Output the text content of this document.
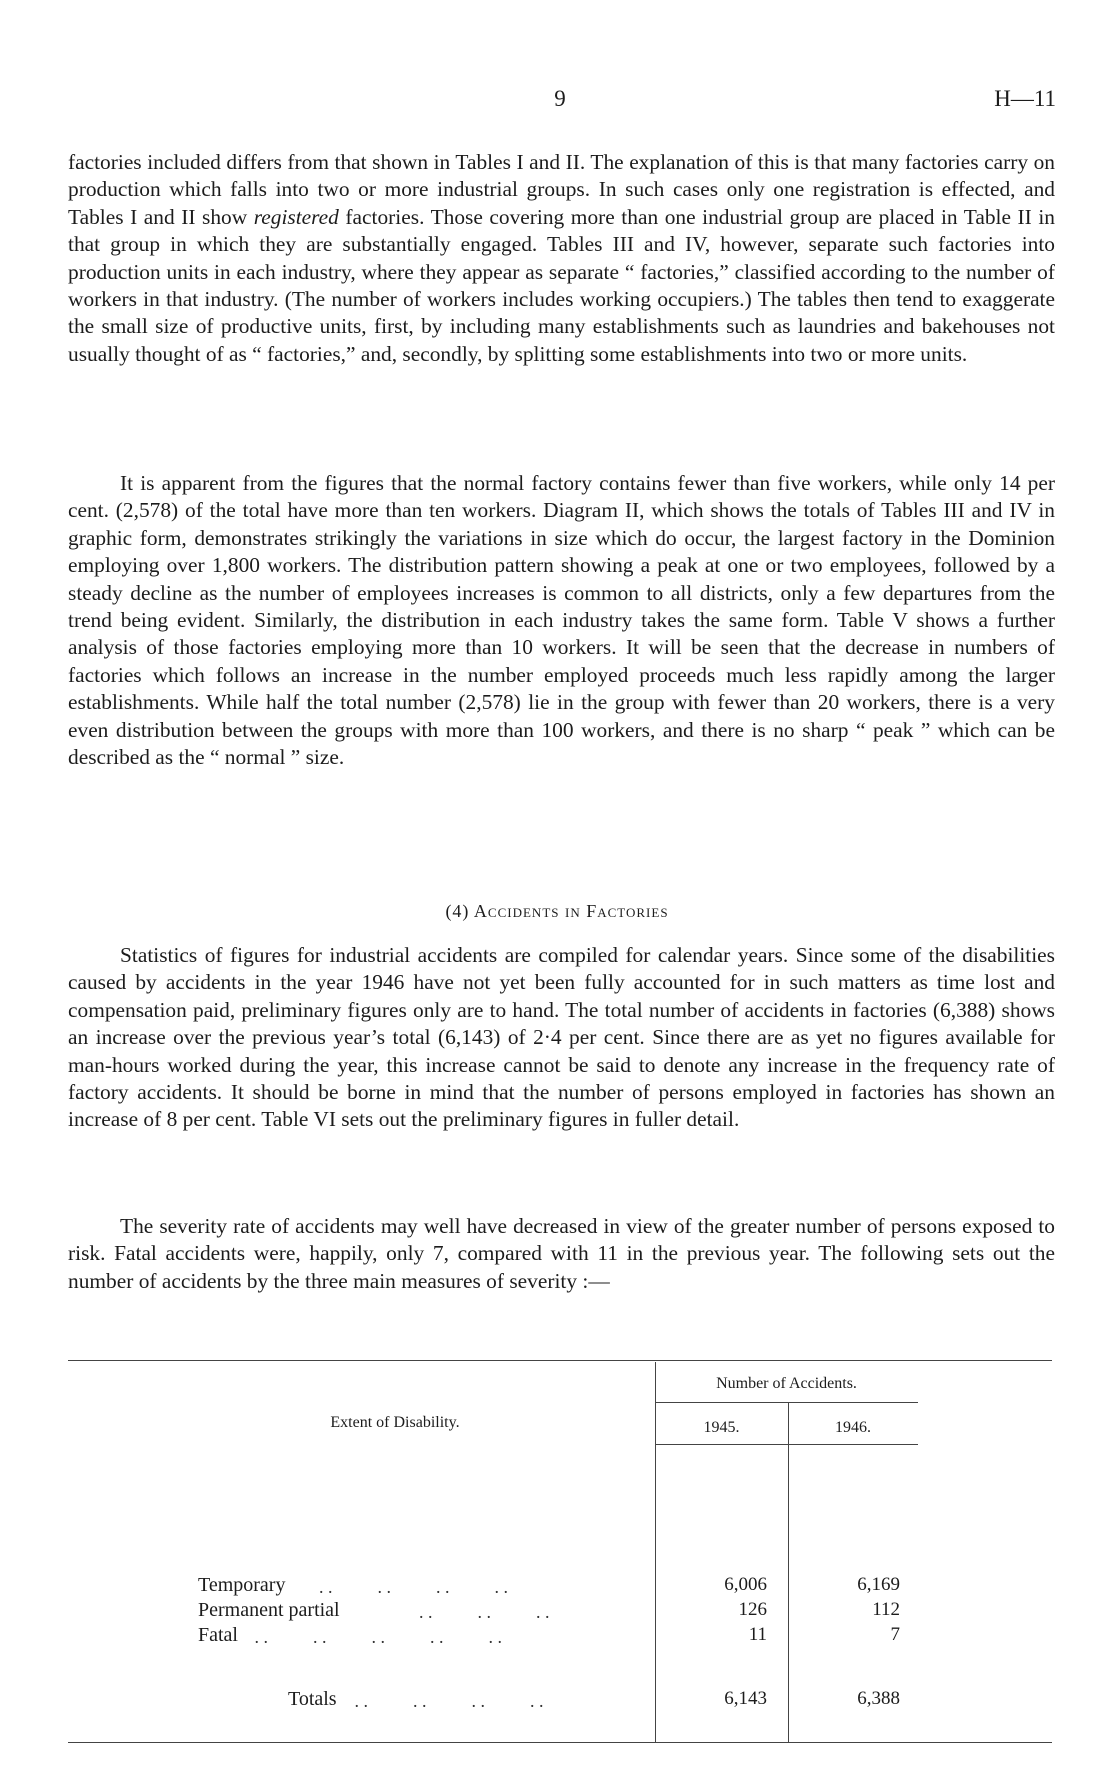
9	H—11

factories included differs from that shown in Tables I and II. The explanation of this is that many factories carry on production which falls into two or more industrial groups. In such cases only one registration is effected, and Tables I and II show registered factories. Those covering more than one industrial group are placed in Table II in that group in which they are substantially engaged. Tables III and IV, however, separate such factories into production units in each industry, where they appear as separate “ factories,” classified according to the number of workers in that industry. (The number of workers includes working occupiers.) The tables then tend to exaggerate the small size of productive units, first, by including many establishments such as laundries and bakehouses not usually thought of as “ factories,” and, secondly, by splitting some establishments into two or more units.

It is apparent from the figures that the normal factory contains fewer than five workers, while only 14 per cent. (2,578) of the total have more than ten workers. Diagram II, which shows the totals of Tables III and IV in graphic form, demonstrates strikingly the variations in size which do occur, the largest factory in the Dominion employing over 1,800 workers. The distribution pattern showing a peak at one or two employees, followed by a steady decline as the number of employees increases is common to all districts, only a few departures from the trend being evident. Similarly, the distribution in each industry takes the same form. Table V shows a further analysis of those factories employing more than 10 workers. It will be seen that the decrease in numbers of factories which follows an increase in the number employed proceeds much less rapidly among the larger establishments. While half the total number (2,578) lie in the group with fewer than 20 workers, there is a very even distribution between the groups with more than 100 workers, and there is no sharp “ peak ” which can be described as the “ normal ” size.

(4) Accidents in Factories

Statistics of figures for industrial accidents are compiled for calendar years. Since some of the disabilities caused by accidents in the year 1946 have not yet been fully accounted for in such matters as time lost and compensation paid, preliminary figures only are to hand. The total number of accidents in factories (6,388) shows an increase over the previous year’s total (6,143) of 2·4 per cent. Since there are as yet no figures available for man-hours worked during the year, this increase cannot be said to denote any increase in the frequency rate of factory accidents. It should be borne in mind that the number of persons employed in factories has shown an increase of 8 per cent. Table VI sets out the preliminary figures in fuller detail.

The severity rate of accidents may well have decreased in view of the greater number of persons exposed to risk. Fatal accidents were, happily, only 7, compared with 11 in the previous year. The following sets out the number of accidents by the three main measures of severity :—

Extent of Disability.
Number of Accidents.
1945.	1946.
Temporary . .          . .          . .          . .	6,006	6,169
Permanent partial . .          . .          . .	126	112
Fatal . .          . .          . .          . .          . .	11	7
Totals . .          . .          . .          . .	6,143	6,388
